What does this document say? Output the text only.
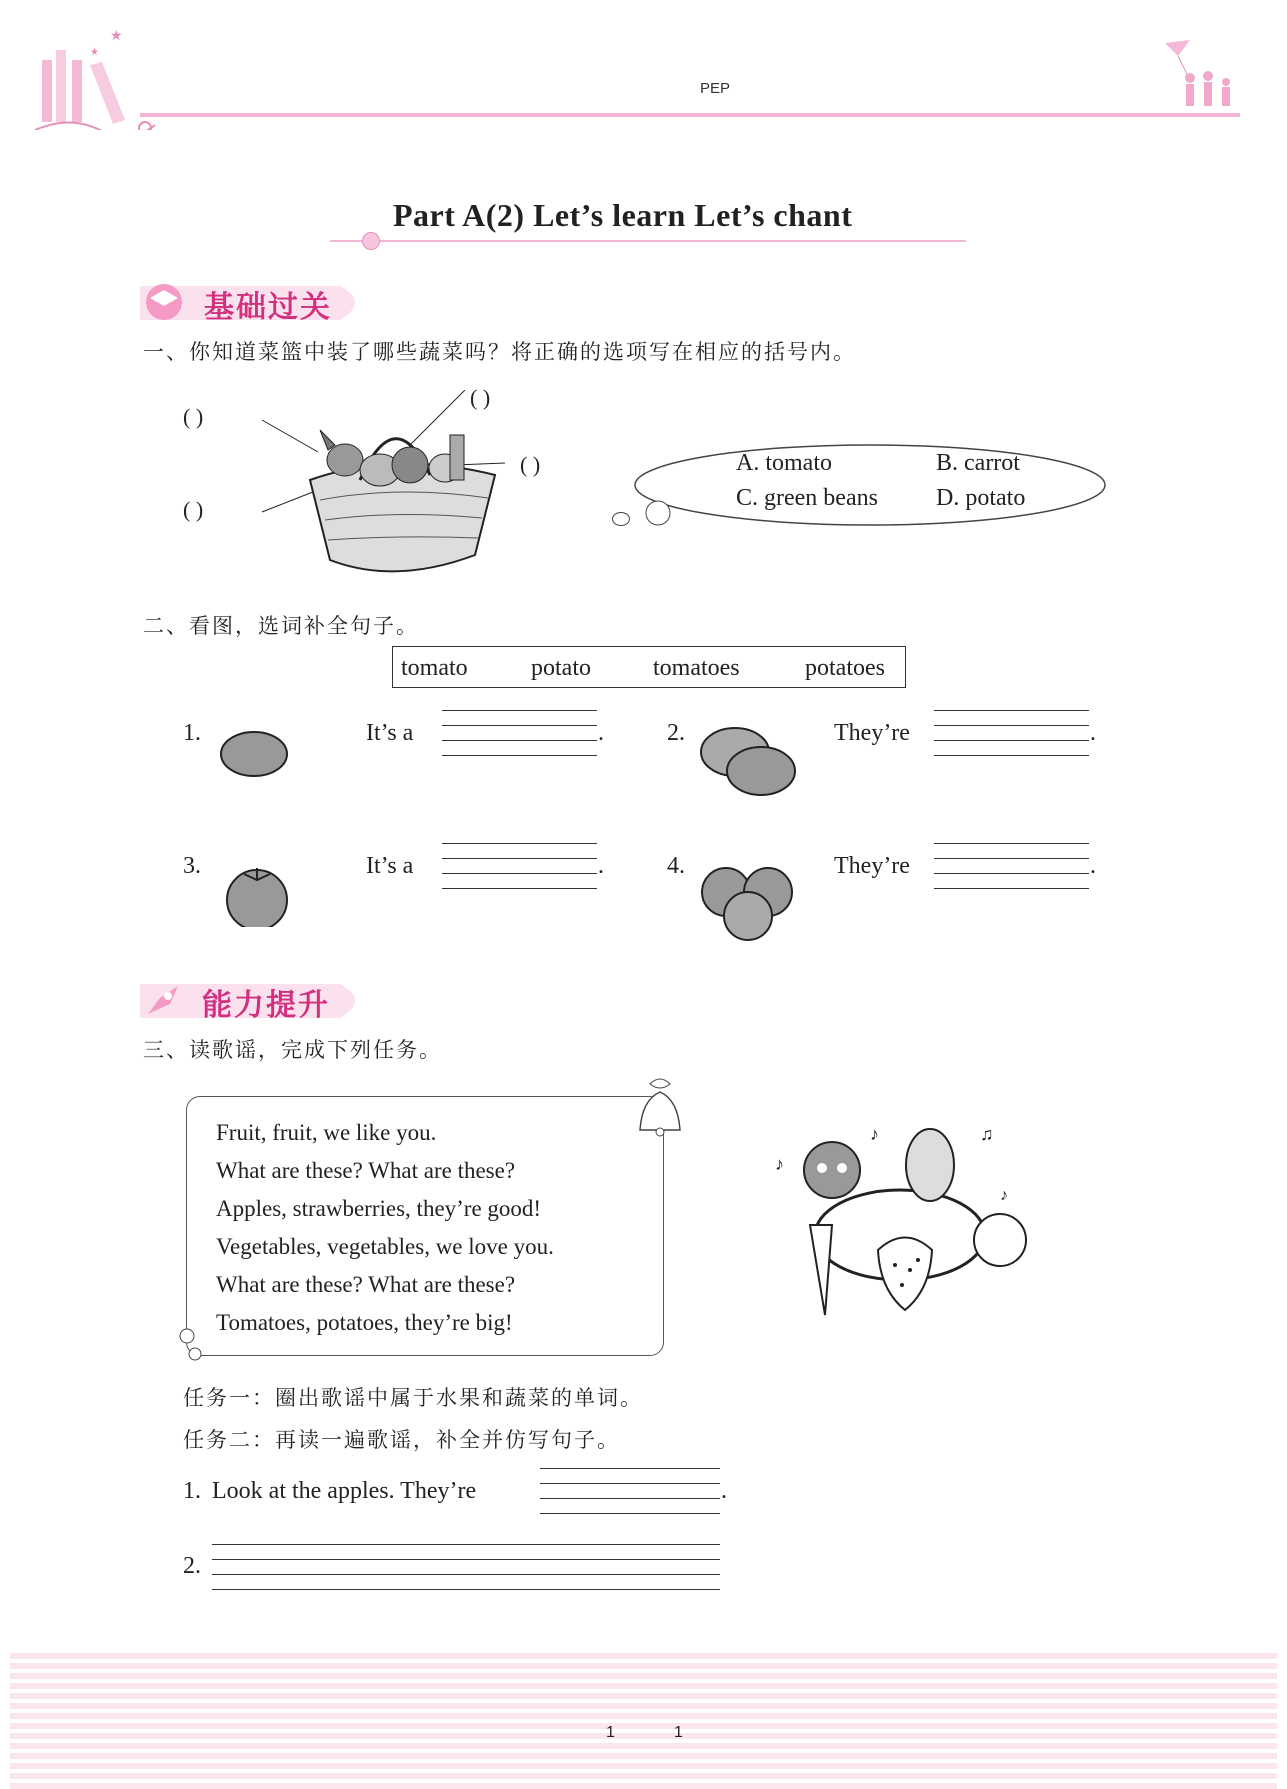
★
★
PEP
Part A(2) Let’s learn Let’s chant
基础过关
一、你知道菜篮中装了哪些蔬菜吗？将正确的选项写在相应的括号内。
( )
( )
( )
( )	A. tomato	B. carrot
C. green beans D. potato
二、看图，选词补全句子。
tomato	potato	tomatoes	potatoes
1.	It’s a	.	2.	They’re	.
3.	It’s a	.	4.	They’re	.
能力提升
三、读歌谣，完成下列任务。
Fruit, fruit, we like you.
What are these? What are these?
Apples, strawberries, they’re good!
Vegetables, vegetables, we love you.
What are these? What are these?
Tomatoes, potatoes, they’re big!
♪	♫
♪
♪
任务一：圈出歌谣中属于水果和蔬菜的单词。
任务二：再读一遍歌谣，补全并仿写句子。
1. Look at the apples. They’re	.
2.
1	1
